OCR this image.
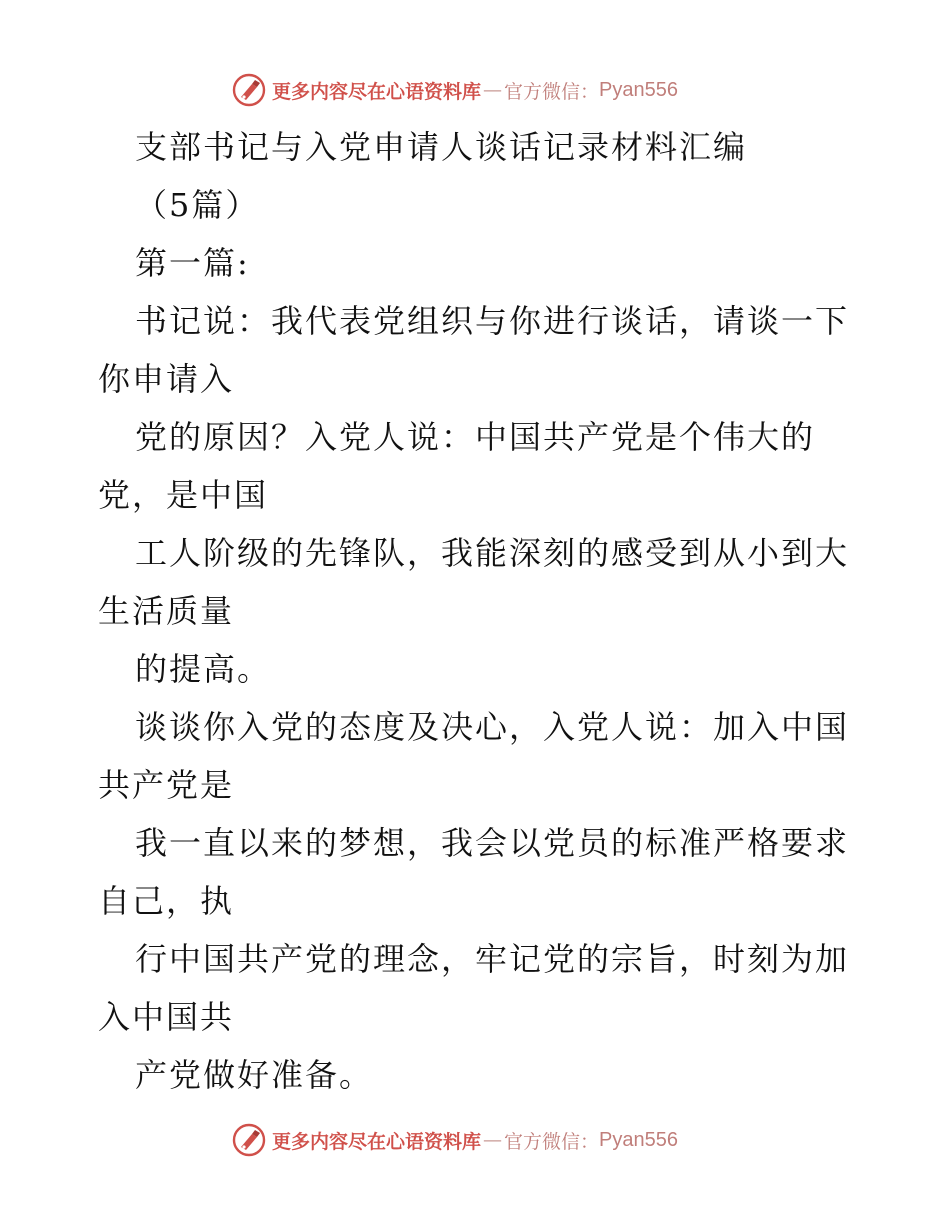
更多内容尽在心语资料库 — 官方微信： Pyan556
支部书记与入党申请人谈话记录材料汇编
（5篇）
第一篇:
书记说：我代表党组织与你进行谈话，请谈一下
你申请入
党的原因？入党人说：中国共产党是个伟大的
党，是中国
工人阶级的先锋队，我能深刻的感受到从小到大
生活质量
的提高。
谈谈你入党的态度及决心，入党人说：加入中国
共产党是
我一直以来的梦想，我会以党员的标准严格要求
自己，执
行中国共产党的理念，牢记党的宗旨，时刻为加
入中国共
产党做好准备。
更多内容尽在心语资料库 — 官方微信： Pyan556
